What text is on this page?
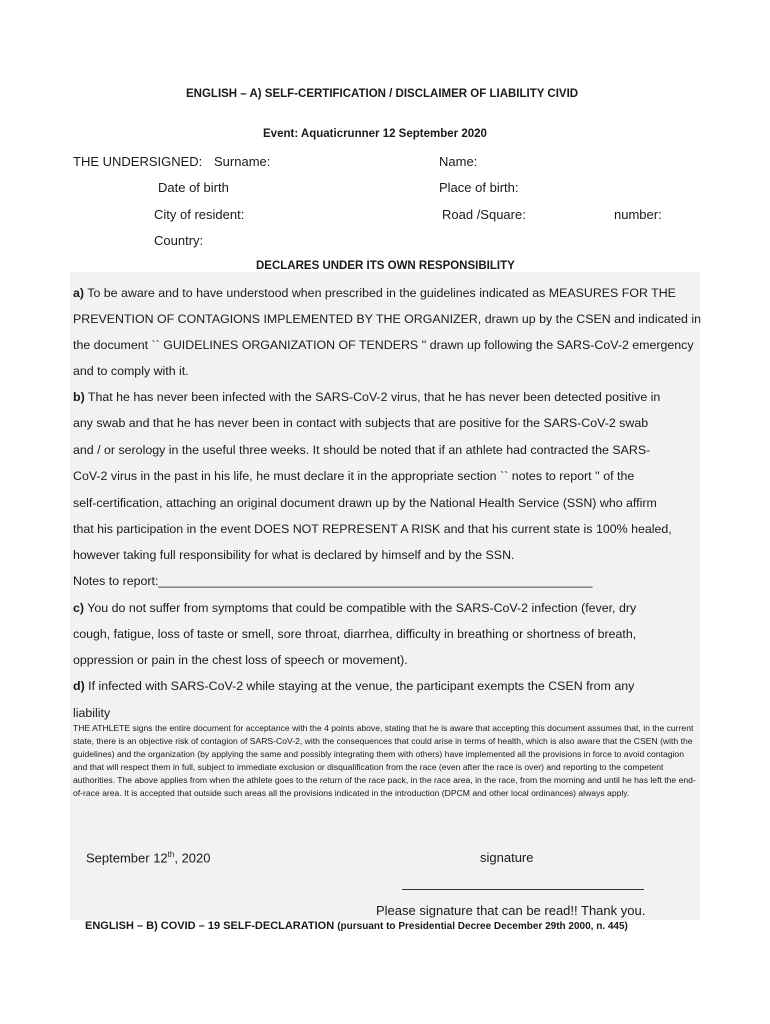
ENGLISH – A) SELF-CERTIFICATION / DISCLAIMER OF LIABILITY CIVID
Event: Aquaticrunner 12 September 2020
THE UNDERSIGNED: Surname:	Name:
Date of birth	Place of birth:
City of resident:	Road /Square:	number:
Country:
DECLARES UNDER ITS OWN RESPONSIBILITY
a) To be aware and to have understood when prescribed in the guidelines indicated as MEASURES FOR THE
PREVENTION OF CONTAGIONS IMPLEMENTED BY THE ORGANIZER, drawn up by the CSEN and indicated in
the document `` GUIDELINES ORGANIZATION OF TENDERS '' drawn up following the SARS-CoV-2 emergency
and to comply with it.
b) That he has never been infected with the SARS-CoV-2 virus, that he has never been detected positive in
any swab and that he has never been in contact with subjects that are positive for the SARS-CoV-2 swab
and / or serology in the useful three weeks. It should be noted that if an athlete had contracted the SARS-
CoV-2 virus in the past in his life, he must declare it in the appropriate section `` notes to report '' of the
self-certification, attaching an original document drawn up by the National Health Service (SSN) who affirm
that his participation in the event DOES NOT REPRESENT A RISK and that his current state is 100% healed,
however taking full responsibility for what is declared by himself and by the SSN.
Notes to report:_______________________________________________________________
c) You do not suffer from symptoms that could be compatible with the SARS-CoV-2 infection (fever, dry
cough, fatigue, loss of taste or smell, sore throat, diarrhea, difficulty in breathing or shortness of breath,
oppression or pain in the chest loss of speech or movement).
d) If infected with SARS-CoV-2 while staying at the venue, the participant exempts the CSEN from any
liability
THE ATHLETE signs the entire document for acceptance with the 4 points above, stating that he is aware that accepting this document assumes that, in the current state, there is an objective risk of contagion of SARS-CoV-2, with the consequences that could arise in terms of health, which is also aware that the CSEN (with the guidelines) and the organization (by applying the same and possibly integrating them with others) have implemented all the provisions in force to avoid contagion and that will respect them in full, subject to immediate exclusion or disqualification from the race (even after the race is over) and reporting to the competent authorities. The above applies from when the athlete goes to the return of the race pack, in the race area, in the race, from the morning and until he has left the end-of-race area. It is accepted that outside such areas all the provisions indicated in the introduction (DPCM and other local ordinances) always apply.
September 12th, 2020	signature
Please signature that can be read!! Thank you.
ENGLISH – B) COVID – 19 SELF-DECLARATION (pursuant to Presidential Decree December 29th 2000, n. 445)
